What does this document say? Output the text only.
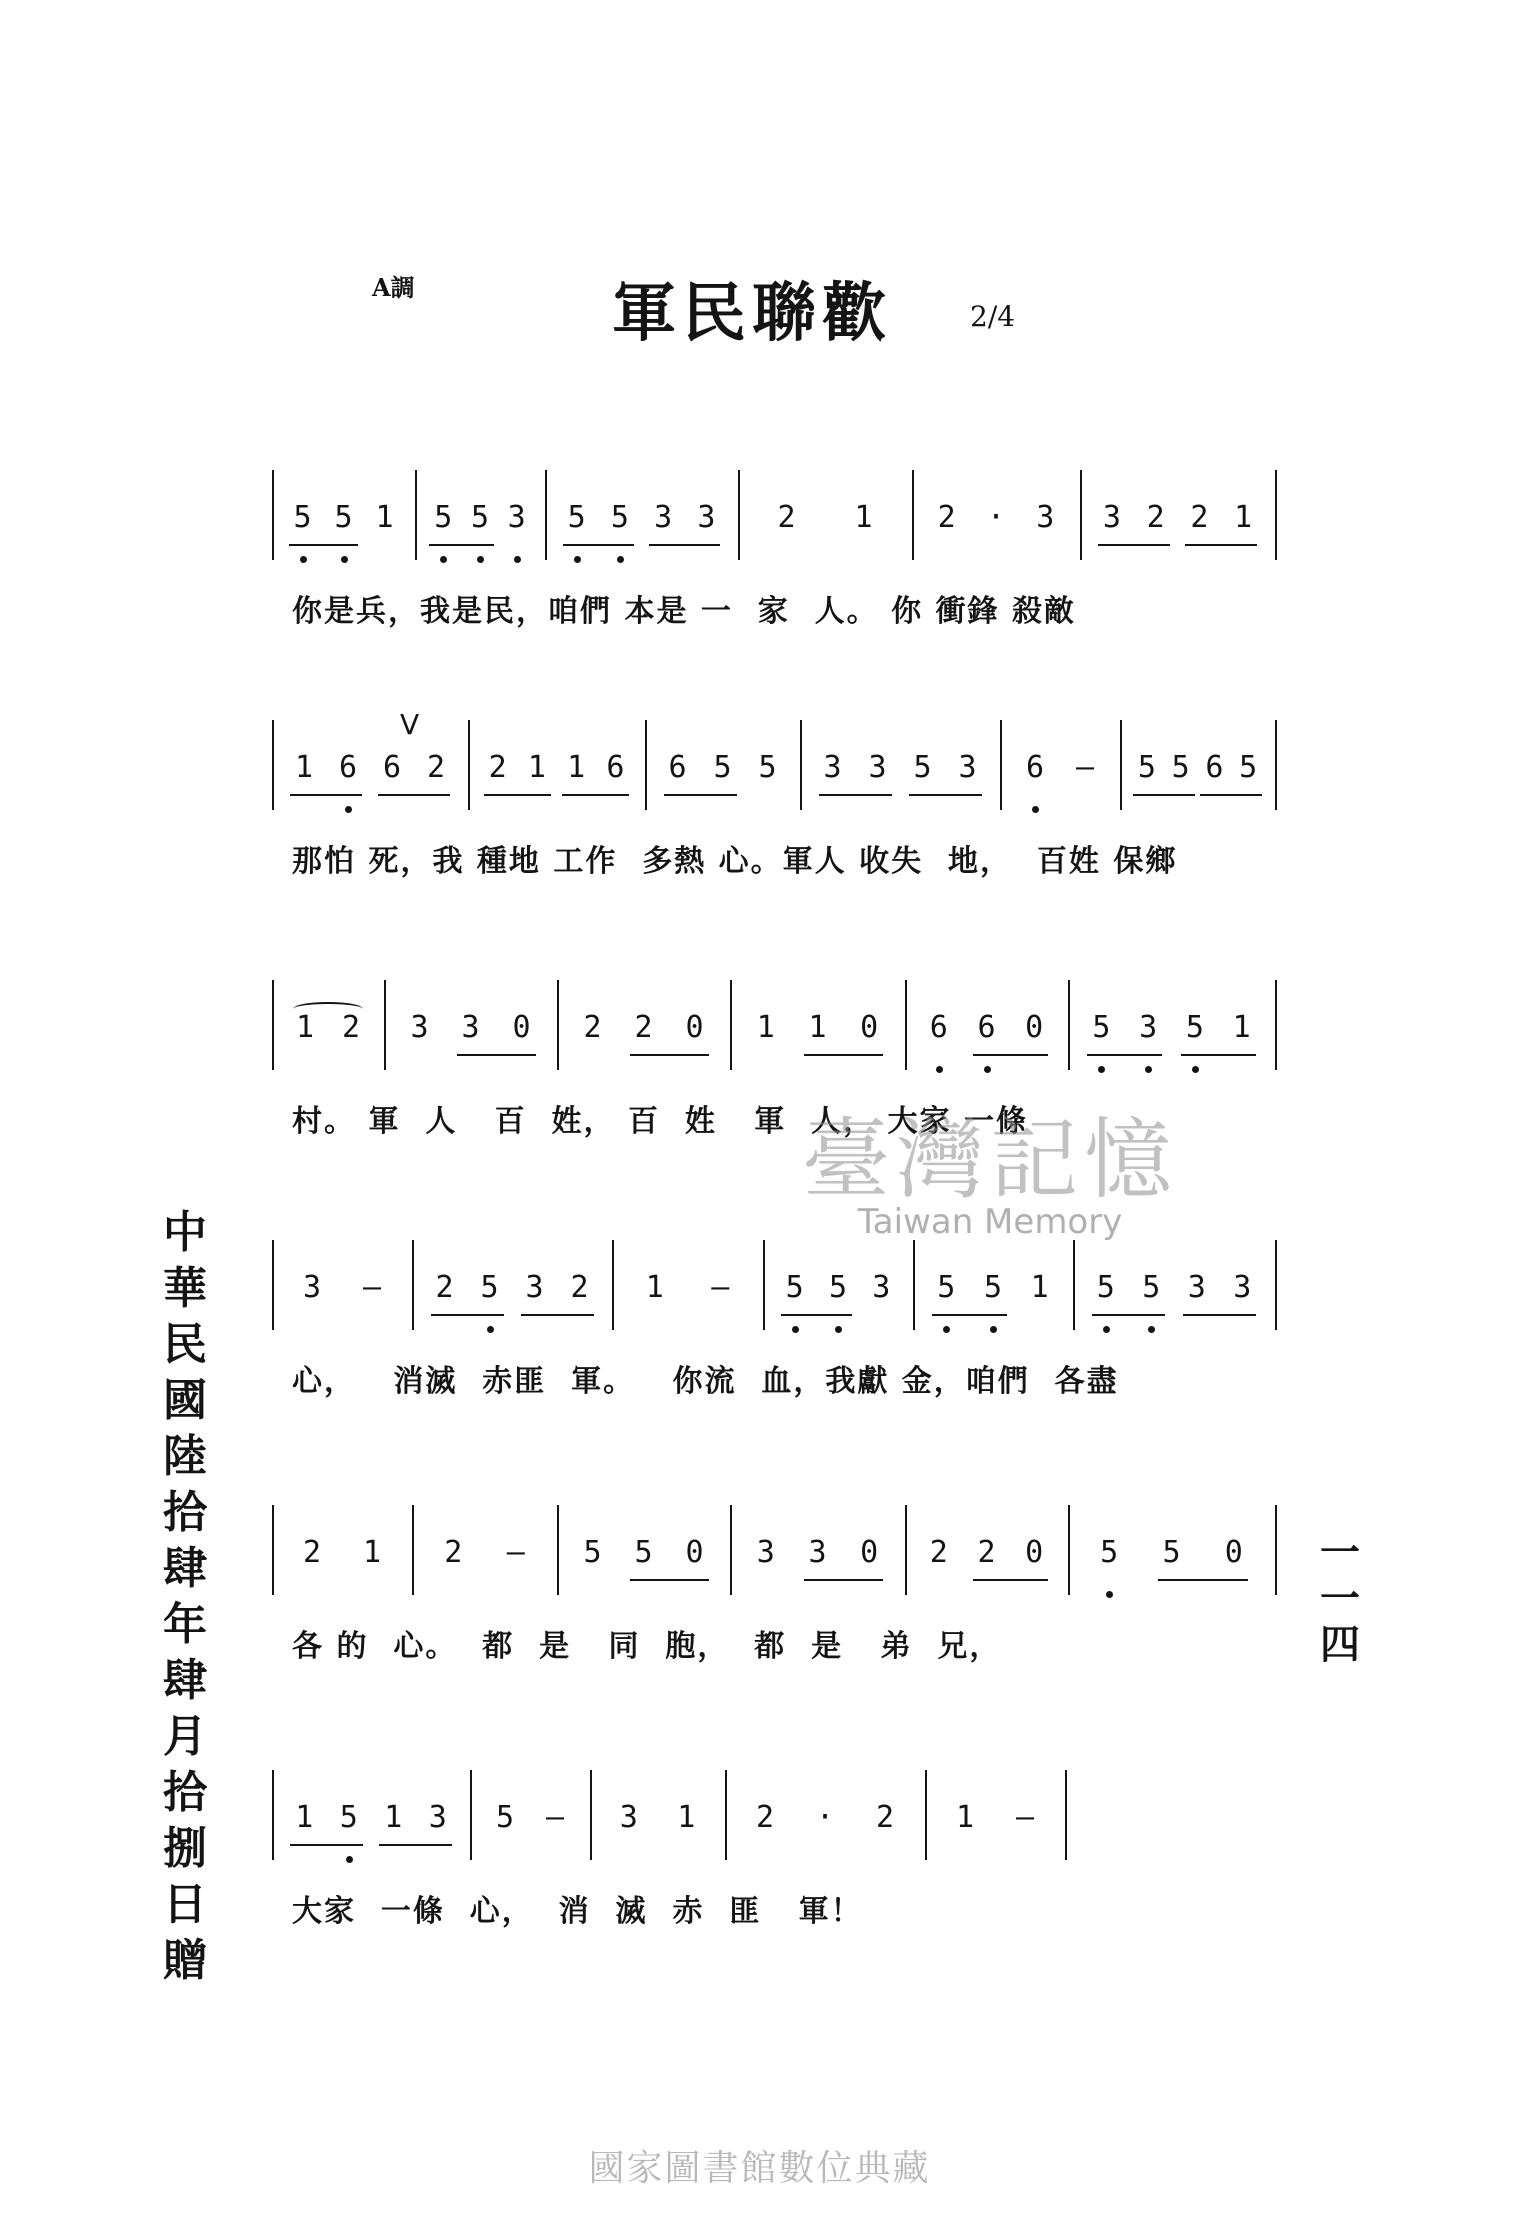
A調	軍民聯歡	2/4
5 5 1 5 5 3 5 5 3 3 2 1 2 · 3 3 2 2 1
你是兵，我是民，咱們 本是 一  家  人。 你 衝鋒 殺敵
1 6 6 2 2 1 1 6 6 5 5 3 3 5 3 6 — 5 5 6 5
V
那怕 死，我 種地 工作  多熱 心。軍人 收失  地，  百姓 保鄉
1 2 3 3 0 2 2 0 1 1 0 6 6 0 5 3 5 1
村。 軍  人   百  姓， 百  姓   軍  人， 大家 一條
3 — 2 5 3 2 1 — 5 5 3 5 5 1 5 5 3 3
心，   消滅  赤匪  軍。   你流  血，我獻 金，咱們  各盡
2 1 2 — 5 5 0 3 3 0 2 2 0 5 5 0
各 的  心。  都  是   同  胞，  都  是   弟  兄，
1 5 1 3 5 — 3 1 2 · 2 1 —
大家  一條  心，  消  滅  赤  匪   軍！
中華民國陸拾肆年肆月拾捌日贈
一一四
臺灣記憶
Taiwan Memory
國家圖書館數位典藏
